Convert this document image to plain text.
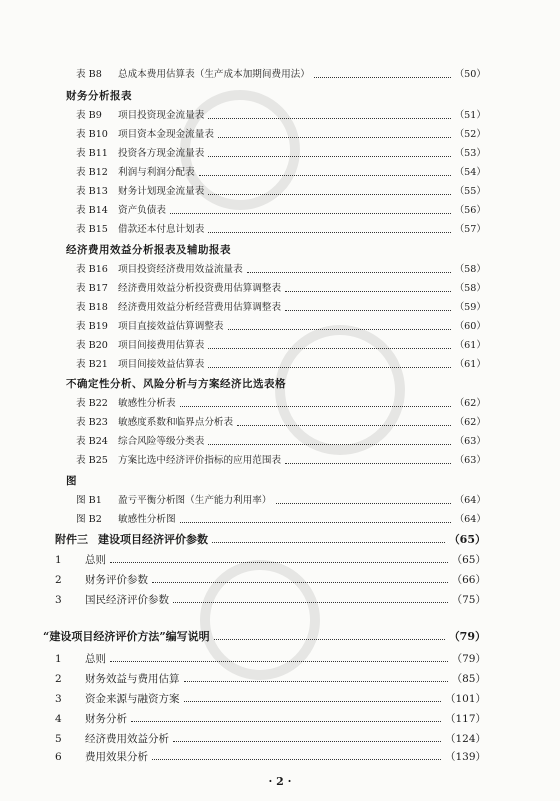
表 B8	总成本费用估算表（生产成本加期间费用法）	（50）
财务分析报表
表 B9	项目投资现金流量表	（51）
表 B10	项目资本金现金流量表	（52）
表 B11	投资各方现金流量表	（53）
表 B12	利润与利润分配表	（54）
表 B13	财务计划现金流量表	（55）
表 B14	资产负债表	（56）
表 B15	借款还本付息计划表	（57）
经济费用效益分析报表及辅助报表
表 B16	项目投资经济费用效益流量表	（58）
表 B17	经济费用效益分析投资费用估算调整表	（58）
表 B18	经济费用效益分析经营费用估算调整表	（59）
表 B19	项目直接效益估算调整表	（60）
表 B20	项目间接费用估算表	（61）
表 B21	项目间接效益估算表	（61）
不确定性分析、风险分析与方案经济比选表格
表 B22	敏感性分析表	（62）
表 B23	敏感度系数和临界点分析表	（62）
表 B24	综合风险等级分类表	（63）
表 B25	方案比选中经济评价指标的应用范围表	（63）
图
图 B1	盈亏平衡分析图（生产能力利用率）	（64）
图 B2	敏感性分析图	（64）
附件三 建设项目经济评价参数	（65）
1	总则	（65）
2	财务评价参数	（66）
3	国民经济评价参数	（75）
“建设项目经济评价方法”编写说明	（79）
1	总则	（79）
2	财务效益与费用估算	（85）
3	资金来源与融资方案	（101）
4	财务分析	（117）
5	经济费用效益分析	（124）
6	费用效果分析	（139）
· 2 ·
